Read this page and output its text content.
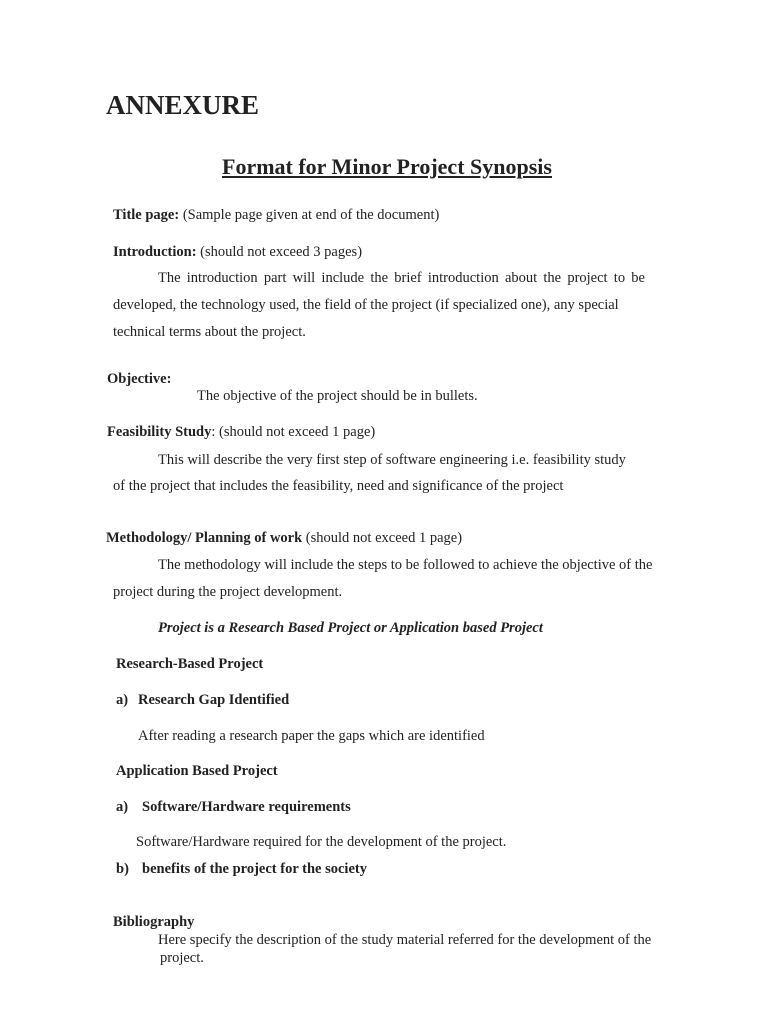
ANNEXURE
Format for Minor Project Synopsis
Title page: (Sample page given at end of the document)
Introduction: (should not exceed 3 pages)
The introduction part will include the brief introduction about the project to be
developed, the technology used, the field of the project (if specialized one), any special
technical terms about the project.
Objective:
The objective of the project should be in bullets.
Feasibility Study: (should not exceed 1 page)
This will describe the very first step of software engineering i.e. feasibility study
of the project that includes the feasibility, need and significance of the project
Methodology/ Planning of work (should not exceed 1 page)
The methodology will include the steps to be followed to achieve the objective of the
project during the project development.
Project is a Research Based Project or Application based Project
Research-Based Project
a) Research Gap Identified
After reading a research paper the gaps which are identified
Application Based Project
a) Software/Hardware requirements
Software/Hardware required for the development of the project.
b) benefits of the project for the society
Bibliography
Here specify the description of the study material referred for the development of the
project.
